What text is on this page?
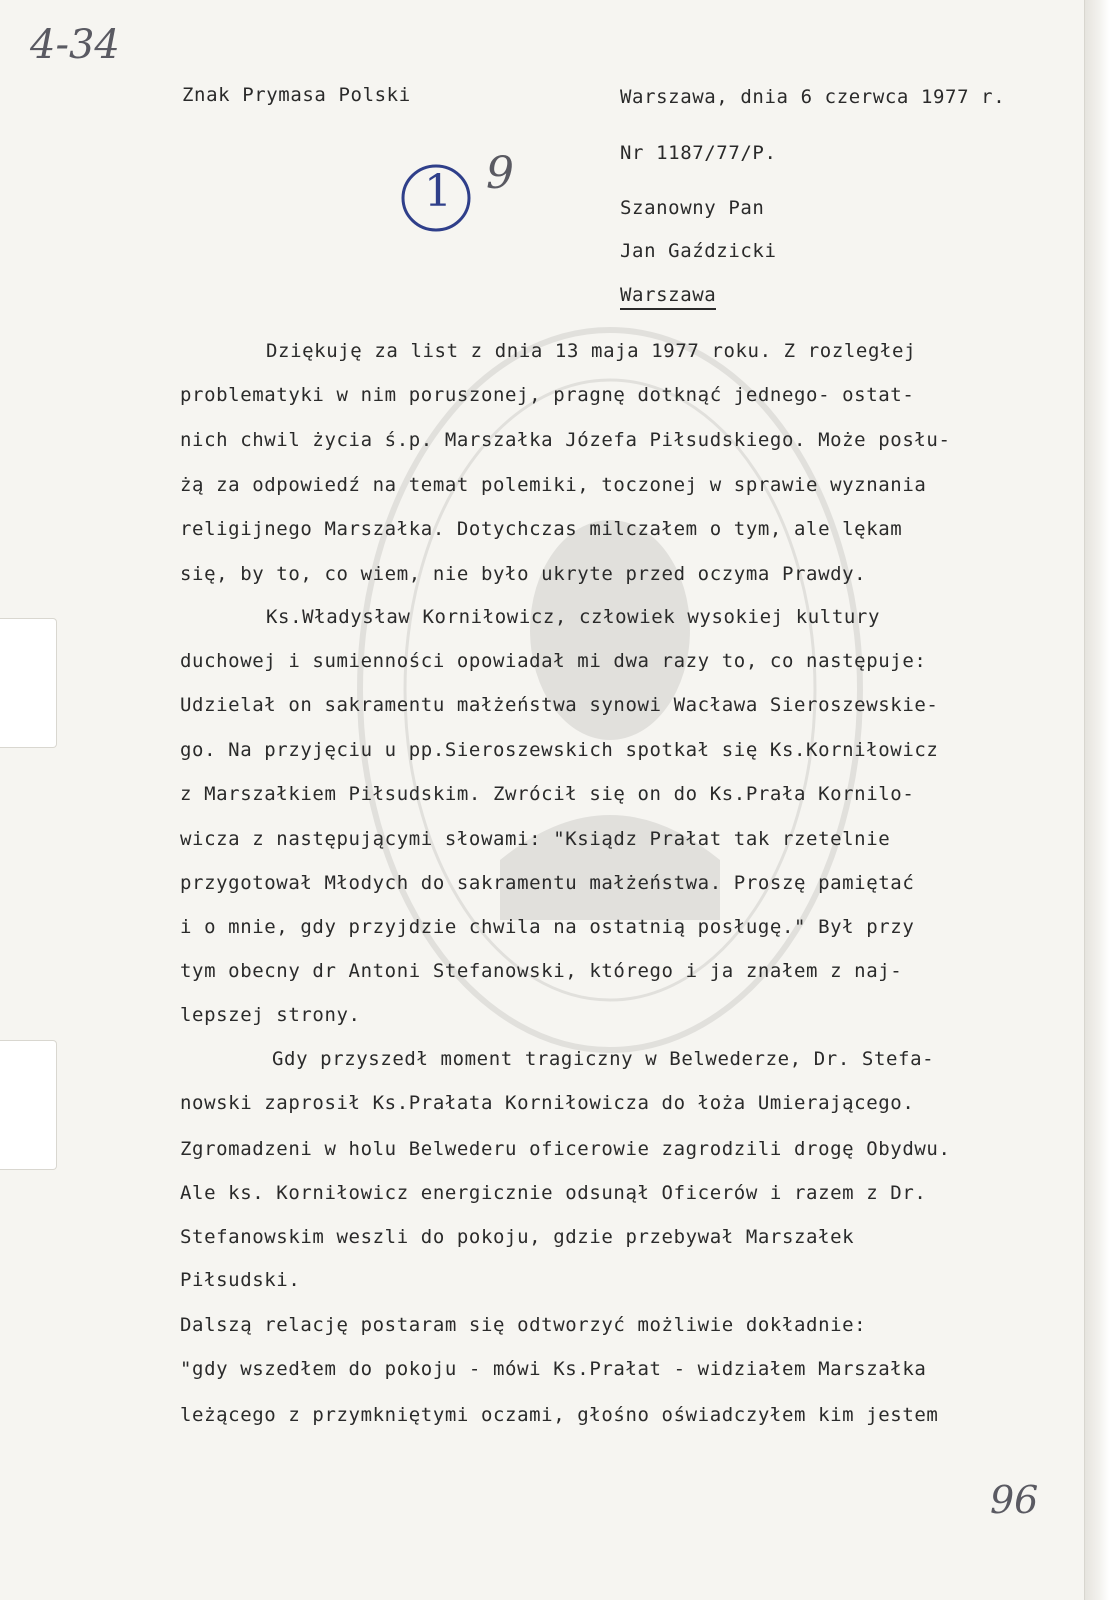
4-34
96
1 9
Znak Prymasa Polski	Warszawa, dnia 6 czerwca 1977 r.
Nr 1187/77/P.
Szanowny Pan
Jan Gaździcki
Warszawa
Dziękuję za list z dnia 13 maja 1977 roku. Z rozległej
problematyki w nim poruszonej, pragnę dotknąć jednego- ostat-
nich chwil życia ś.p. Marszałka Józefa Piłsudskiego. Może posłu-
żą za odpowiedź na temat polemiki, toczonej w sprawie wyznania
religijnego Marszałka. Dotychczas milczałem o tym, ale lękam
się, by to, co wiem, nie było ukryte przed oczyma Prawdy.
Ks.Władysław Korniłowicz, człowiek wysokiej kultury
duchowej i sumienności opowiadał mi dwa razy to, co następuje:
Udzielał on sakramentu małżeństwa synowi Wacława Sieroszewskie-
go. Na przyjęciu u pp.Sieroszewskich spotkał się Ks.Korniłowicz
z Marszałkiem Piłsudskim. Zwrócił się on do Ks.Prała Kornilo-
wicza z następującymi słowami: "Ksiądz Prałat tak rzetelnie
przygotował Młodych do sakramentu małżeństwa. Proszę pamiętać
i o mnie, gdy przyjdzie chwila na ostatnią posługę." Był przy
tym obecny dr Antoni Stefanowski, którego i ja znałem z naj-
lepszej strony.
Gdy przyszedł moment tragiczny w Belwederze, Dr. Stefa-
nowski zaprosił Ks.Prałata Korniłowicza do łoża Umierającego.
Zgromadzeni w holu Belwederu oficerowie zagrodzili drogę Obydwu.
Ale ks. Korniłowicz energicznie odsunął Oficerów i razem z Dr.
Stefanowskim weszli do pokoju, gdzie przebywał Marszałek
Piłsudski.
Dalszą relację postaram się odtworzyć możliwie dokładnie:
"gdy wszedłem do pokoju - mówi Ks.Prałat - widziałem Marszałka
leżącego z przymkniętymi oczami, głośno oświadczyłem kim jestem
